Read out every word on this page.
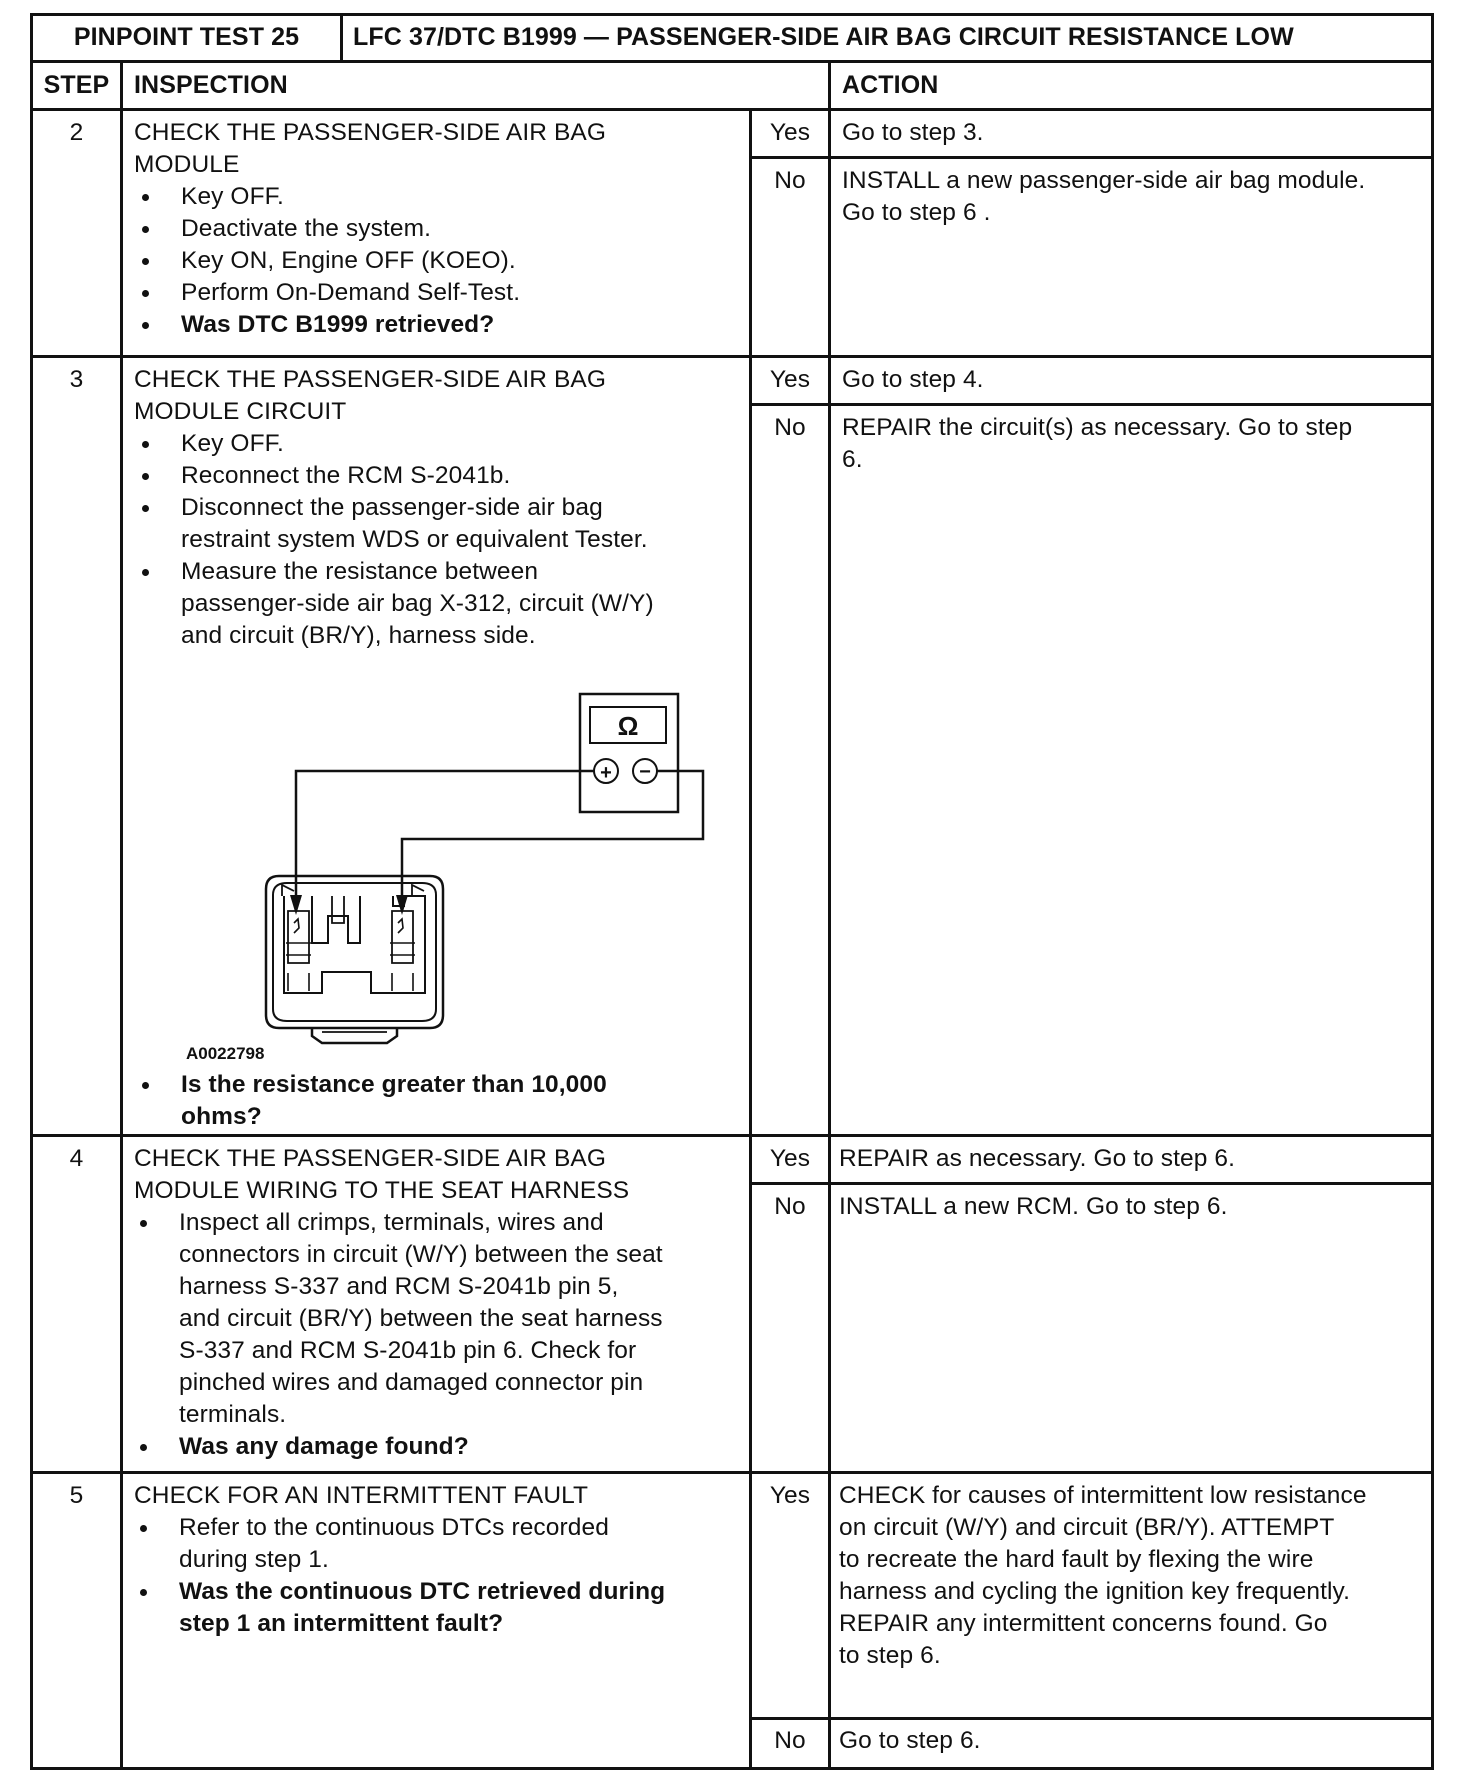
PINPOINT TEST 25	LFC 37/DTC B1999 — PASSENGER-SIDE AIR BAG CIRCUIT RESISTANCE LOW
STEP INSPECTION	ACTION
2	CHECK THE PASSENGER-SIDE AIR BAG
MODULE
Key OFF.
Deactivate the system.
Key ON, Engine OFF (KOEO).
Perform On-Demand Self-Test.
Was DTC B1999 retrieved?
Yes	Go to step 3.
No	INSTALL a new passenger-side air bag module.
Go to step 6 .
3	CHECK THE PASSENGER-SIDE AIR BAG
MODULE CIRCUIT
Key OFF.
Reconnect the RCM S-2041b.
Disconnect the passenger-side air bag
restraint system WDS or equivalent Tester.
Measure the resistance between
passenger-side air bag X-312, circuit (W/Y)
and circuit (BR/Y), harness side.
Ω
+ −
A0022798
Is the resistance greater than 10,000
ohms?
Yes	Go to step 4.
No	REPAIR the circuit(s) as necessary. Go to step
6.
4	CHECK THE PASSENGER-SIDE AIR BAG
MODULE WIRING TO THE SEAT HARNESS
Inspect all crimps, terminals, wires and
connectors in circuit (W/Y) between the seat
harness S-337 and RCM S-2041b pin 5,
and circuit (BR/Y) between the seat harness
S-337 and RCM S-2041b pin 6. Check for
pinched wires and damaged connector pin
terminals.
Was any damage found?
Yes	REPAIR as necessary. Go to step 6.
No	INSTALL a new RCM. Go to step 6.
5	CHECK FOR AN INTERMITTENT FAULT
Refer to the continuous DTCs recorded
during step 1.
Was the continuous DTC retrieved during
step 1 an intermittent fault?
Yes	CHECK for causes of intermittent low resistance
on circuit (W/Y) and circuit (BR/Y). ATTEMPT
to recreate the hard fault by flexing the wire
harness and cycling the ignition key frequently.
REPAIR any intermittent concerns found. Go
to step 6.
No	Go to step 6.
